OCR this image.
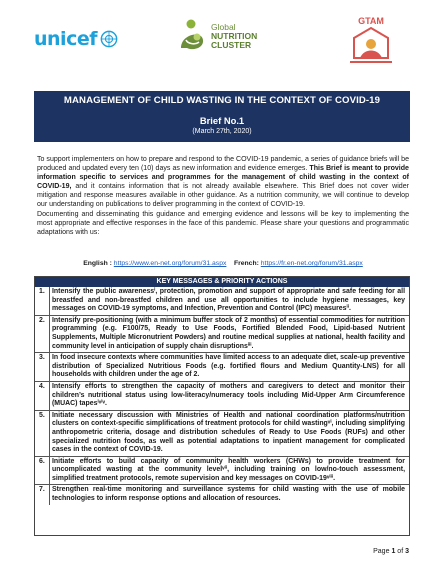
unicef
Global
NUTRITION
CLUSTER
GTAM
MANAGEMENT OF CHILD WASTING IN THE CONTEXT OF COVID-19
Brief No.1
(March 27th, 2020)

To support implementers on how to prepare and respond to the COVID-19 pandemic, a series of guidance briefs will be produced and updated every ten (10) days as new information and evidence emerges. This Brief is meant to provide information specific to services and programmes for the management of child wasting in the context of COVID-19, and it contains information that is not already available elsewhere. This Brief does not cover wider mitigation and response measures available in other guidance. As a nutrition community, we will continue to develop our understanding on publications to deliver programming in the context of COVID-19.

Documenting and disseminating this guidance and emerging evidence and lessons will be key to implementing the most appropriate and effective responses in the face of this pandemic. Please share your questions and programmatic adaptations with us:

English : https://www.en-net.org/forum/31.aspx French: https://fr.en-net.org/forum/31.aspx
KEY MESSAGES & PRIORITY ACTIONS
1.	Intensify the public awarenessⁱ, protection, promotion and support of appropriate and safe feeding for all breastfed and non-breastfed children and use all opportunities to include hygiene messages, key messages on COVID-19 symptoms, and Infection, Prevention and Control (IPC) measuresⁱⁱ.
2.	Intensify pre-positioning (with a minimum buffer stock of 2 months) of essential commodities for nutrition programming (e.g. F100/75, Ready to Use Foods, Fortified Blended Food, Lipid-based Nutrient Supplements, Multiple Micronutrient Powders) and routine medical supplies at national, health facility and community level in anticipation of supply chain disruptionsⁱⁱⁱ.
3.	In food insecure contexts where communities have limited access to an adequate diet, scale-up preventive distribution of Specialized Nutritious Foods (e.g. fortified flours and Medium Quantity-LNS) for all households with children under the age of 2.
4.	Intensify efforts to strengthen the capacity of mothers and caregivers to detect and monitor their children’s nutritional status using low-literacy/numeracy tools including Mid-Upper Arm Circumference (MUAC) tapesⁱᵛⁱᵛ.
5.	Initiate necessary discussion with Ministries of Health and national coordination platforms/nutrition clusters on context-specific simplifications of treatment protocols for child wastingᵛⁱ, including simplifying anthropometric criteria, dosage and distribution schedules of Ready to Use Foods (RUFs) and other specialized nutrition foods, as well as potential adaptations to inpatient management for complicated cases in the context of COVID-19.
6.	Initiate efforts to build capacity of community health workers (CHWs) to provide treatment for uncomplicated wasting at the community levelᵛⁱⁱ, including training on low/no-touch assessment, simplified treatment protocols, remote supervision and key messages on COVID-19ᵛⁱⁱⁱ.
7.	Strengthen real-time monitoring and surveillance systems for child wasting with the use of mobile technologies to inform response options and allocation of resources.
Page 1 of 3
